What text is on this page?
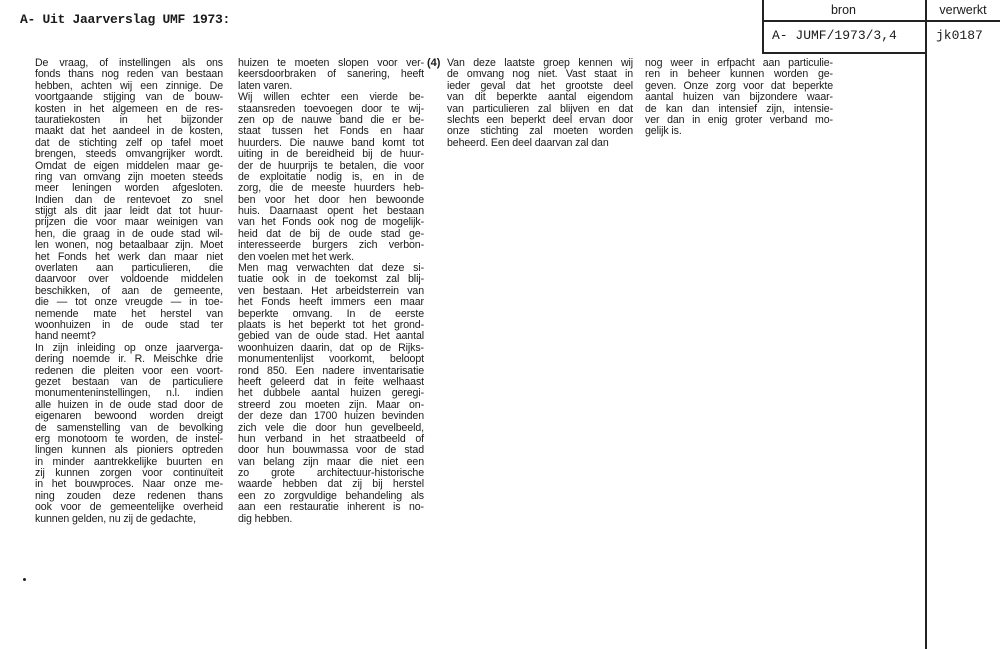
A- Uit Jaarverslag UMF 1973:
bron	verwerkt
A- JUMF/1973/3,4	jk0187
(4)
De vraag, of instellingen als ons
fonds thans nog reden van bestaan
hebben, achten wij een zinnige. De
voortgaande stijging van de bouw-
kosten in het algemeen en de res-
tauratiekosten in het bijzonder
maakt dat het aandeel in de kosten,
dat de stichting zelf op tafel moet
brengen, steeds omvangrijker wordt.
Omdat de eigen middelen maar ge-
ring van omvang zijn moeten steeds
meer leningen worden afgesloten.
Indien dan de rentevoet zo snel
stijgt als dit jaar leidt dat tot huur-
prijzen die voor maar weinigen van
hen, die graag in de oude stad wil-
len wonen, nog betaalbaar zijn. Moet
het Fonds het werk dan maar niet
overlaten aan particulieren, die
daarvoor over voldoende middelen
beschikken, of aan de gemeente,
die — tot onze vreugde — in toe-
nemende mate het herstel van
woonhuizen in de oude stad ter
hand neemt?
In zijn inleiding op onze jaarverga-
dering noemde ir. R. Meischke drie
redenen die pleiten voor een voort-
gezet bestaan van de particuliere
monumenteninstellingen, n.l. indien
alle huizen in de oude stad door de
eigenaren bewoond worden dreigt
de samenstelling van de bevolking
erg monotoom te worden, de instel-
lingen kunnen als pioniers optreden
in minder aantrekkelijke buurten en
zij kunnen zorgen voor continuïteit
in het bouwproces. Naar onze me-
ning zouden deze redenen thans
ook voor de gemeentelijke overheid
kunnen gelden, nu zij de gedachte,
huizen te moeten slopen voor ver-
keersdoorbraken of sanering, heeft
laten varen.
Wij willen echter een vierde be-
staansreden toevoegen door te wij-
zen op de nauwe band die er be-
staat tussen het Fonds en haar
huurders. Die nauwe band komt tot
uiting in de bereidheid bij de huur-
der de huurprijs te betalen, die voor
de exploitatie nodig is, en in de
zorg, die de meeste huurders heb-
ben voor het door hen bewoonde
huis. Daarnaast opent het bestaan
van het Fonds ook nog de mogelijk-
heid dat de bij de oude stad ge-
interesseerde burgers zich verbon-
den voelen met het werk.
Men mag verwachten dat deze si-
tuatie ook in de toekomst zal blij-
ven bestaan. Het arbeidsterrein van
het Fonds heeft immers een maar
beperkte omvang. In de eerste
plaats is het beperkt tot het grond-
gebied van de oude stad. Het aantal
woonhuizen daarin, dat op de Rijks-
monumentenlijst voorkomt, beloopt
rond 850. Een nadere inventarisatie
heeft geleerd dat in feite welhaast
het dubbele aantal huizen geregi-
streerd zou moeten zijn. Maar on-
der deze dan 1700 huizen bevinden
zich vele die door hun gevelbeeld,
hun verband in het straatbeeld of
door hun bouwmassa voor de stad
van belang zijn maar die niet een
zo grote architectuur-historische
waarde hebben dat zij bij herstel
een zo zorgvuldige behandeling als
aan een restauratie inherent is no-
dig hebben.
Van deze laatste groep kennen wij
de omvang nog niet. Vast staat in
ieder geval dat het grootste deel
van dit beperkte aantal eigendom
van particulieren zal blijven en dat
slechts een beperkt deel ervan door
onze stichting zal moeten worden
beheerd. Een deel daarvan zal dan
nog weer in erfpacht aan particulie-
ren in beheer kunnen worden ge-
geven. Onze zorg voor dat beperkte
aantal huizen van bijzondere waar-
de kan dan intensief zijn, intensie-
ver dan in enig groter verband mo-
gelijk is.
